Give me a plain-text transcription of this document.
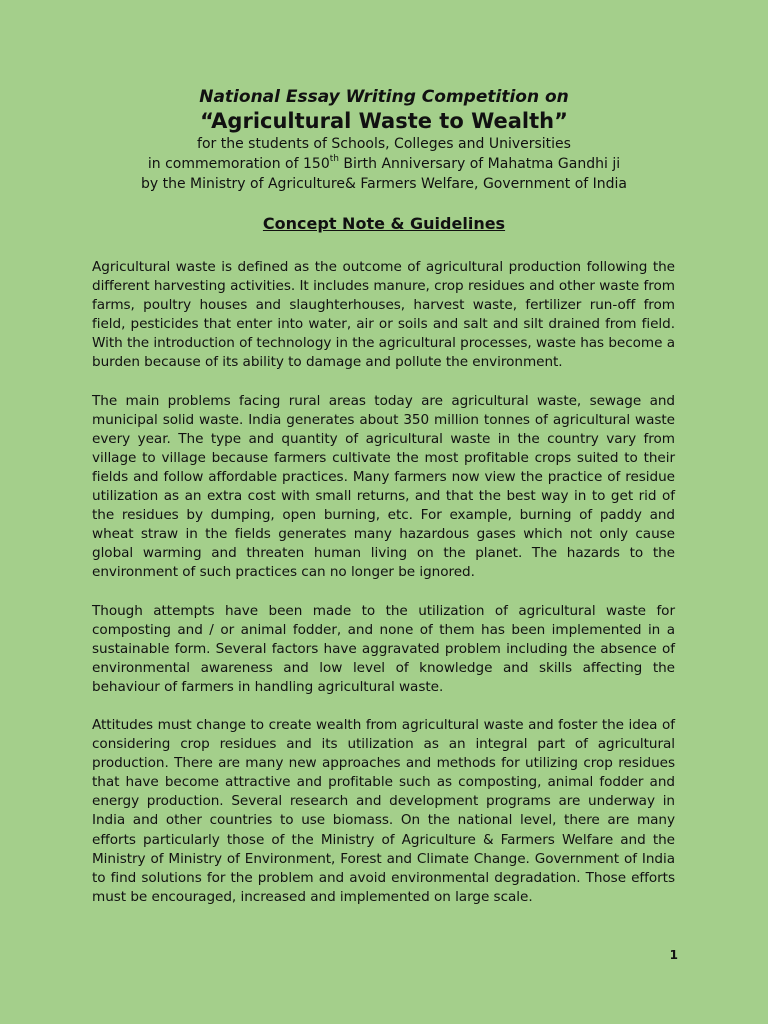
National Essay Writing Competition on

“Agricultural Waste to Wealth”

for the students of Schools, Colleges and Universities

in commemoration of 150th Birth Anniversary of Mahatma Gandhi ji

by the Ministry of Agriculture& Farmers Welfare, Government of India

Concept Note & Guidelines

Agricultural waste is defined as the outcome of agricultural production following the different harvesting activities. It includes manure, crop residues and other waste from farms, poultry houses and slaughterhouses, harvest waste, fertilizer run-off from field, pesticides that enter into water, air or soils and salt and silt drained from field. With the introduction of technology in the agricultural processes, waste has become a burden because of its ability to damage and pollute the environment.

The main problems facing rural areas today are agricultural waste, sewage and municipal solid waste. India generates about 350 million tonnes of agricultural waste every year. The type and quantity of agricultural waste in the country vary from village to village because farmers cultivate the most profitable crops suited to their fields and follow affordable practices. Many farmers now view the practice of residue utilization as an extra cost with small returns, and that the best way in to get rid of the residues by dumping, open burning, etc. For example, burning of paddy and wheat straw in the fields generates many hazardous gases which not only cause global warming and threaten human living on the planet. The hazards to the environment of such practices can no longer be ignored.

Though attempts have been made to the utilization of agricultural waste for composting and / or animal fodder, and none of them has been implemented in a sustainable form. Several factors have aggravated problem including the absence of environmental awareness and low level of knowledge and skills affecting the behaviour of farmers in handling agricultural waste.

Attitudes must change to create wealth from agricultural waste and foster the idea of considering crop residues and its utilization as an integral part of agricultural production. There are many new approaches and methods for utilizing crop residues that have become attractive and profitable such as composting, animal fodder and energy production. Several research and development programs are underway in India and other countries to use biomass. On the national level, there are many efforts particularly those of the Ministry of Agriculture & Farmers Welfare and the Ministry of Ministry of Environment, Forest and Climate Change. Government of India to find solutions for the problem and avoid environmental degradation. Those efforts must be encouraged, increased and implemented on large scale.

1
